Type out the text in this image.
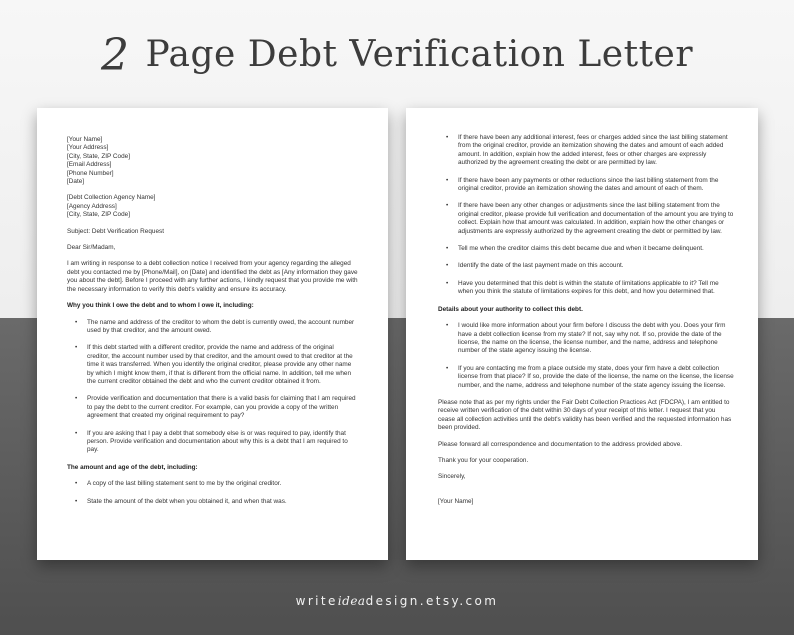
2 Page Debt Verification Letter
[Your Name]
[Your Address]
[City, State, ZIP Code]
[Email Address]
[Phone Number]
[Date]
[Debt Collection Agency Name]
[Agency Address]
[City, State, ZIP Code]

Subject: Debt Verification Request

Dear Sir/Madam,

I am writing in response to a debt collection notice I received from your agency regarding the alleged debt you contacted me by [Phone/Mail], on [Date] and identified the debt as [Any information they gave you about the debt]. Before I proceed with any further actions, I kindly request that you provide me with the necessary information to verify this debt's validity and ensure its accuracy.

Why you think I owe the debt and to whom I owe it, including:

• The name and address of the creditor to whom the debt is currently owed, the account number used by that creditor, and the amount owed.
• If this debt started with a different creditor, provide the name and address of the original creditor, the account number used by that creditor, and the amount owed to that creditor at the time it was transferred. When you identify the original creditor, please provide any other name by which I might know them, if that is different from the official name. In addition, tell me when the current creditor obtained the debt and who the current creditor obtained it from.
• Provide verification and documentation that there is a valid basis for claiming that I am required to pay the debt to the current creditor. For example, can you provide a copy of the written agreement that created my original requirement to pay?
• If you are asking that I pay a debt that somebody else is or was required to pay, identify that person. Provide verification and documentation about why this is a debt that I am required to pay.

The amount and age of the debt, including:

• A copy of the last billing statement sent to me by the original creditor.
• State the amount of the debt when you obtained it, and when that was.
• If there have been any additional interest, fees or charges added since the last billing statement from the original creditor, provide an itemization showing the dates and amount of each added amount. In addition, explain how the added interest, fees or other charges are expressly authorized by the agreement creating the debt or are permitted by law.
• If there have been any payments or other reductions since the last billing statement from the original creditor, provide an itemization showing the dates and amount of each of them.
• If there have been any other changes or adjustments since the last billing statement from the original creditor, please provide full verification and documentation of the amount you are trying to collect. Explain how that amount was calculated. In addition, explain how the other changes or adjustments are expressly authorized by the agreement creating the debt or permitted by law.
• Tell me when the creditor claims this debt became due and when it became delinquent.
• Identify the date of the last payment made on this account.
• Have you determined that this debt is within the statute of limitations applicable to it? Tell me when you think the statute of limitations expires for this debt, and how you determined that.

Details about your authority to collect this debt.

• I would like more information about your firm before I discuss the debt with you. Does your firm have a debt collection license from my state? If not, say why not. If so, provide the date of the license, the name on the license, the license number, and the name, address and telephone number of the state agency issuing the license.
• If you are contacting me from a place outside my state, does your firm have a debt collection license from that place? If so, provide the date of the license, the name on the license, the license number, and the name, address and telephone number of the state agency issuing the license.

Please note that as per my rights under the Fair Debt Collection Practices Act (FDCPA), I am entitled to receive written verification of the debt within 30 days of your receipt of this letter. I request that you cease all collection activities until the debt's validity has been verified and the requested information has been provided.

Please forward all correspondence and documentation to the address provided above.

Thank you for your cooperation.

Sincerely,

[Your Name]

writeideadesign.etsy.com
